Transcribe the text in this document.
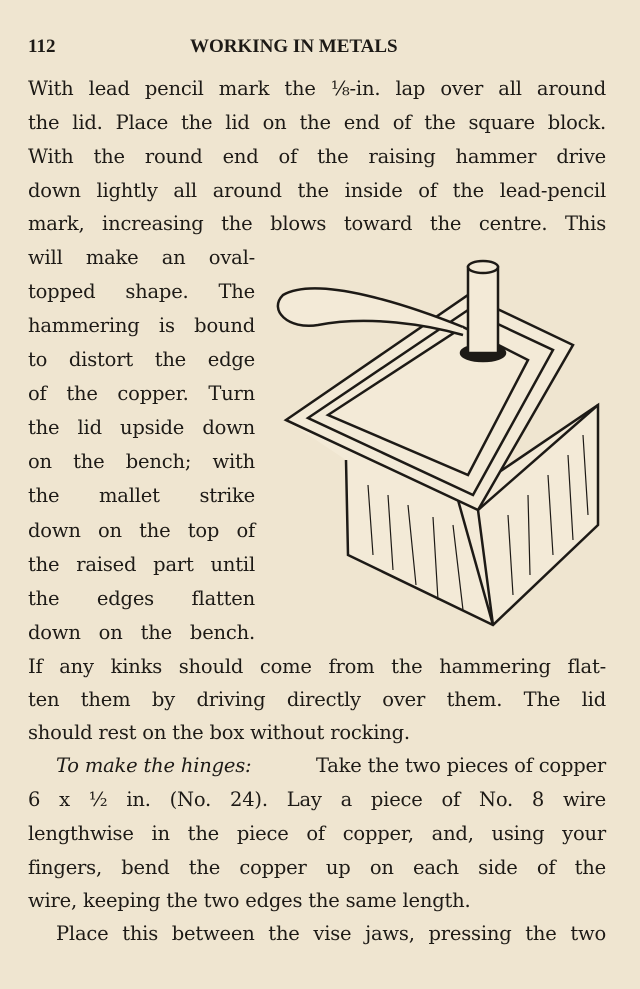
112	WORKING IN METALS
With lead pencil mark the ⅛-in. lap over all around
the lid. Place the lid on the end of the square block.
With the round end of the raising hammer drive
down lightly all around the inside of the lead-pencil
mark, increasing the blows toward the centre. This
will make an oval-
topped shape. The
hammering is bound
to distort the edge
of the copper. Turn
the lid upside down
on the bench; with
the mallet strike
down on the top of
the raised part until
the edges flatten
down on the bench.
If any kinks should come from the hammering flat-
ten them by driving directly over them. The lid
should rest on the box without rocking.
To make the hinges:	Take the two pieces of copper
6 x ½ in. (No. 24). Lay a piece of No. 8 wire
lengthwise in the piece of copper, and, using your
fingers, bend the copper up on each side of the
wire, keeping the two edges the same length.
Place this between the vise jaws, pressing the two
